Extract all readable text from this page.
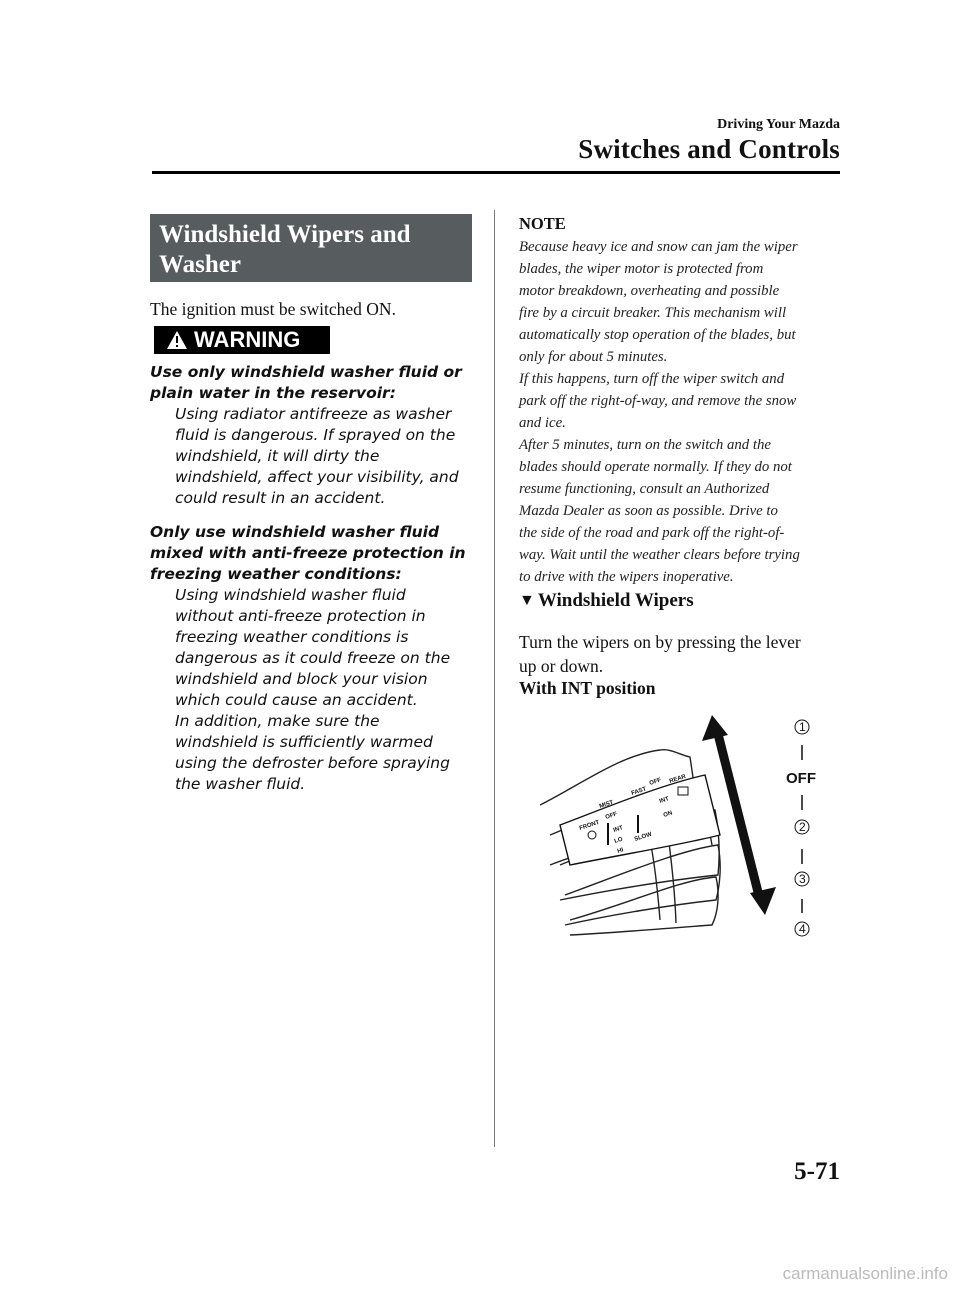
Driving Your Mazda
Switches and Controls
Windshield Wipers and
Washer
The ignition must be switched ON.
WARNING
Use only windshield washer fluid or
plain water in the reservoir:
Using radiator antifreeze as washer
fluid is dangerous. If sprayed on the
windshield, it will dirty the
windshield, affect your visibility, and
could result in an accident.
Only use windshield washer fluid
mixed with anti-freeze protection in
freezing weather conditions:
Using windshield washer fluid
without anti-freeze protection in
freezing weather conditions is
dangerous as it could freeze on the
windshield and block your vision
which could cause an accident.
In addition, make sure the
windshield is sufficiently warmed
using the defroster before spraying
the washer fluid.
NOTE

Because heavy ice and snow can jam the wiper

blades, the wiper motor is protected from

motor breakdown, overheating and possible

fire by a circuit breaker. This mechanism will

automatically stop operation of the blades, but

only for about 5 minutes.

If this happens, turn off the wiper switch and

park off the right-of-way, and remove the snow

and ice.

After 5 minutes, turn on the switch and the

blades should operate normally. If they do not

resume functioning, consult an Authorized

Mazda Dealer as soon as possible. Drive to

the side of the road and park off the right-of-

way. Wait until the weather clears before trying

to drive with the wipers inoperative.

▼ Windshield Wipers
Turn the wipers on by pressing the lever
up or down.
With INT position
FRONT
MIST
OFF
FAST
OFF REAR
INT
INT
LO
ON
HI
SLOW
1
OFF
2
3
4
5-71
carmanualsonline.info
